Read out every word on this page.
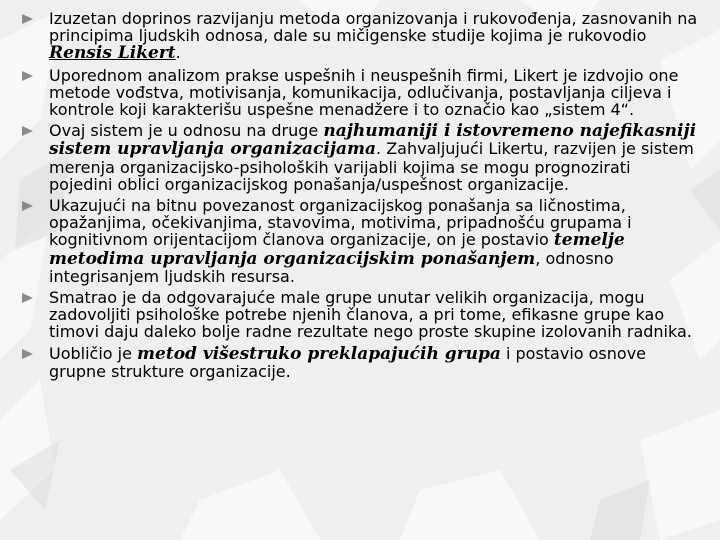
Izuzetan doprinos razvijanju metoda organizovanja i rukovođenja, zasnovanih na principima ljudskih odnosa, dale su mičigenske studije kojima je rukovodio Rensis Likert.
Uporednom analizom prakse uspešnih i neuspešnih firmi, Likert je izdvojio one metode vođstva, motivisanja, komunikacija, odlučivanja, postavljanja ciljeva i kontrole koji karakterišu uspešne menadžere i to označio kao „sistem 4“.
Ovaj sistem je u odnosu na druge najhumaniji i istovremeno najefikasniji sistem upravljanja organizacijama. Zahvaljujući Likertu, razvijen je sistem merenja organizacijsko-psiholoških varijabli kojima se mogu prognozirati pojedini oblici organizacijskog ponašanja/uspešnost organizacije.
Ukazujući na bitnu povezanost organizacijskog ponašanja sa ličnostima, opažanjima, očekivanjima, stavovima, motivima, pripadnošću grupama i kognitivnom orijentacijom članova organizacije, on je postavio temelje metodima upravljanja organizacijskim ponašanjem, odnosno integrisanjem ljudskih resursa.
Smatrao je da odgovarajuće male grupe unutar velikih organizacija, mogu zadovoljiti psihološke potrebe njenih članova, a pri tome, efikasne grupe kao timovi daju daleko bolje radne rezultate nego proste skupine izolovanih radnika.
Uobličio je metod višestruko preklapajućih grupa i postavio osnove grupne strukture organizacije.
